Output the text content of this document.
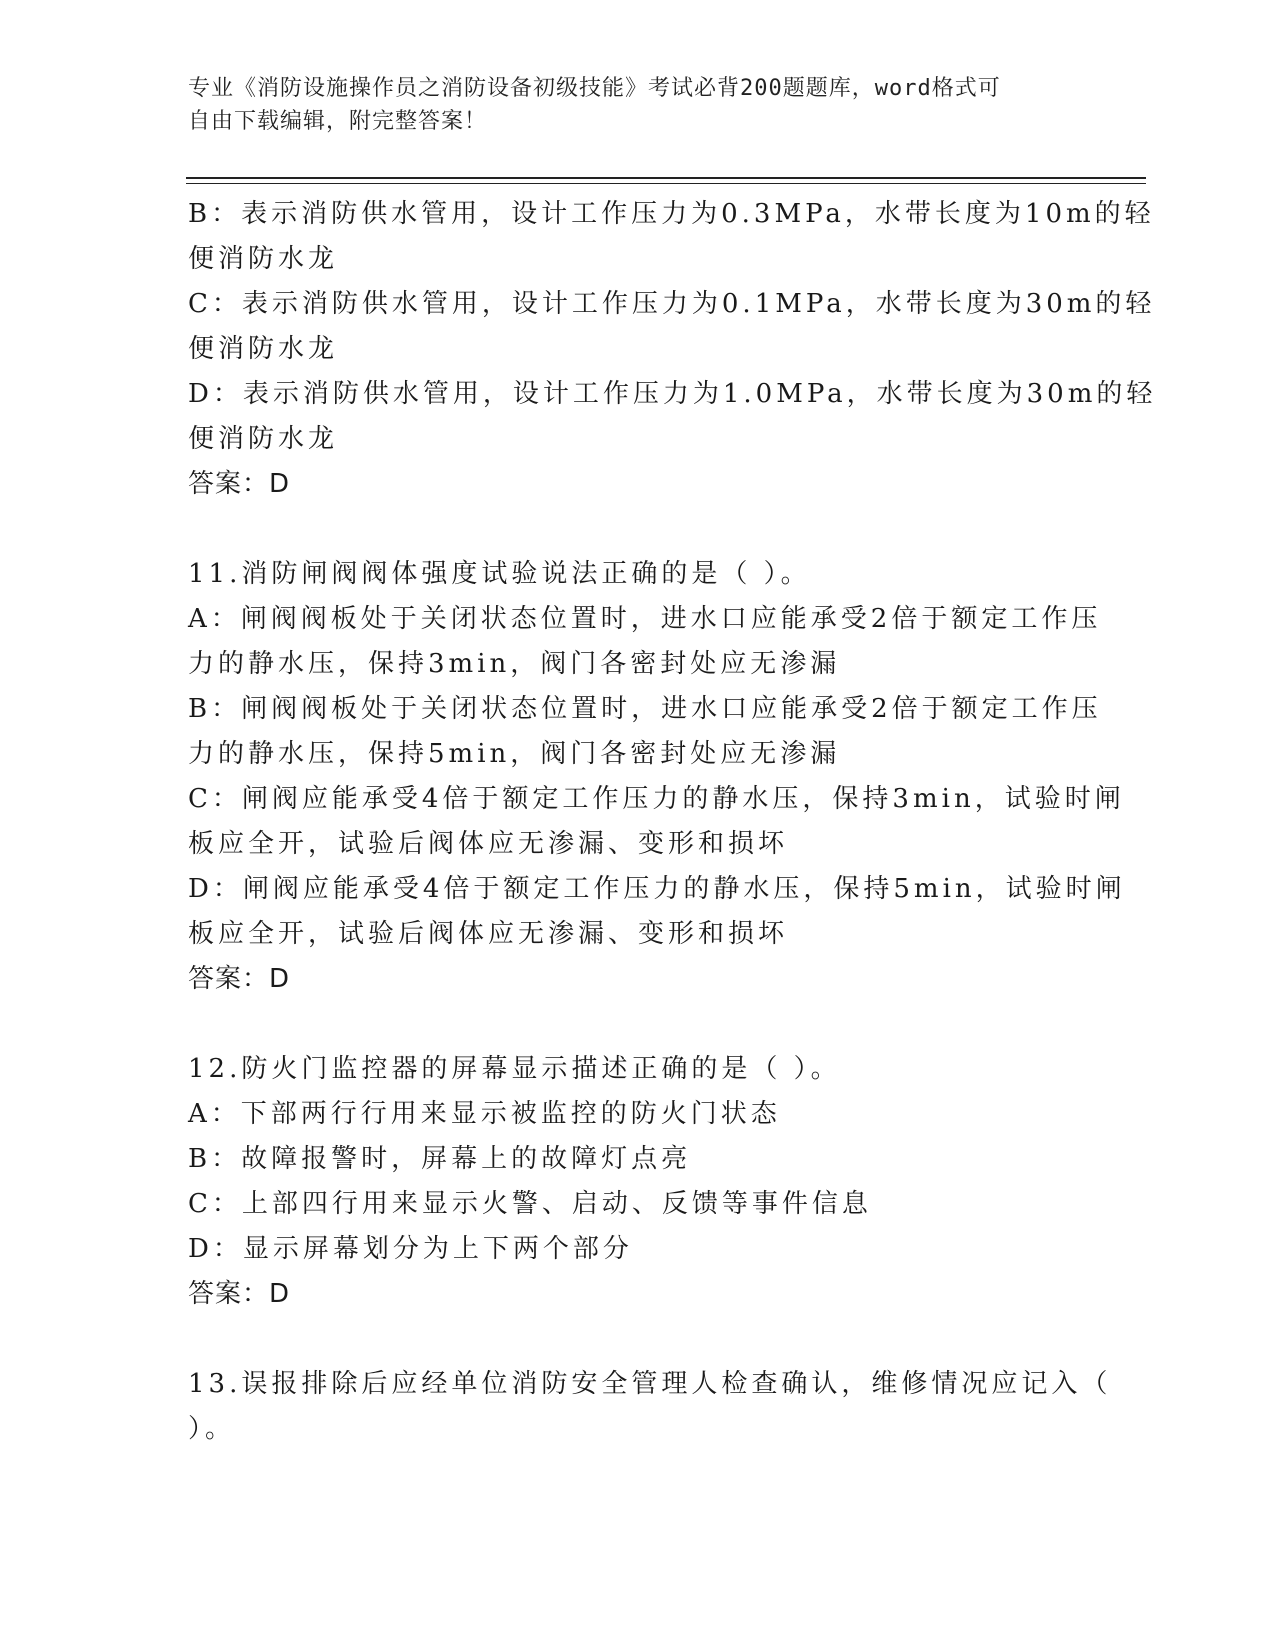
专业《消防设施操作员之消防设备初级技能》考试必背200题题库，word格式可
自由下载编辑，附完整答案！
B：表示消防供水管用，设计工作压力为0.3MPa，水带长度为10m的轻
便消防水龙
C：表示消防供水管用，设计工作压力为0.1MPa，水带长度为30m的轻
便消防水龙
D：表示消防供水管用，设计工作压力为1.0MPa，水带长度为30m的轻
便消防水龙
答案：D
11.消防闸阀阀体强度试验说法正确的是（ ）。
A：闸阀阀板处于关闭状态位置时，进水口应能承受2倍于额定工作压
力的静水压，保持3min，阀门各密封处应无渗漏
B：闸阀阀板处于关闭状态位置时，进水口应能承受2倍于额定工作压
力的静水压，保持5min，阀门各密封处应无渗漏
C：闸阀应能承受4倍于额定工作压力的静水压，保持3min，试验时闸
板应全开，试验后阀体应无渗漏、变形和损坏
D：闸阀应能承受4倍于额定工作压力的静水压，保持5min，试验时闸
板应全开，试验后阀体应无渗漏、变形和损坏
答案：D
12.防火门监控器的屏幕显示描述正确的是（ ）。
A：下部两行行用来显示被监控的防火门状态
B：故障报警时，屏幕上的故障灯点亮
C：上部四行用来显示火警、启动、反馈等事件信息
D：显示屏幕划分为上下两个部分
答案：D
13.误报排除后应经单位消防安全管理人检查确认，维修情况应记入（
）。
